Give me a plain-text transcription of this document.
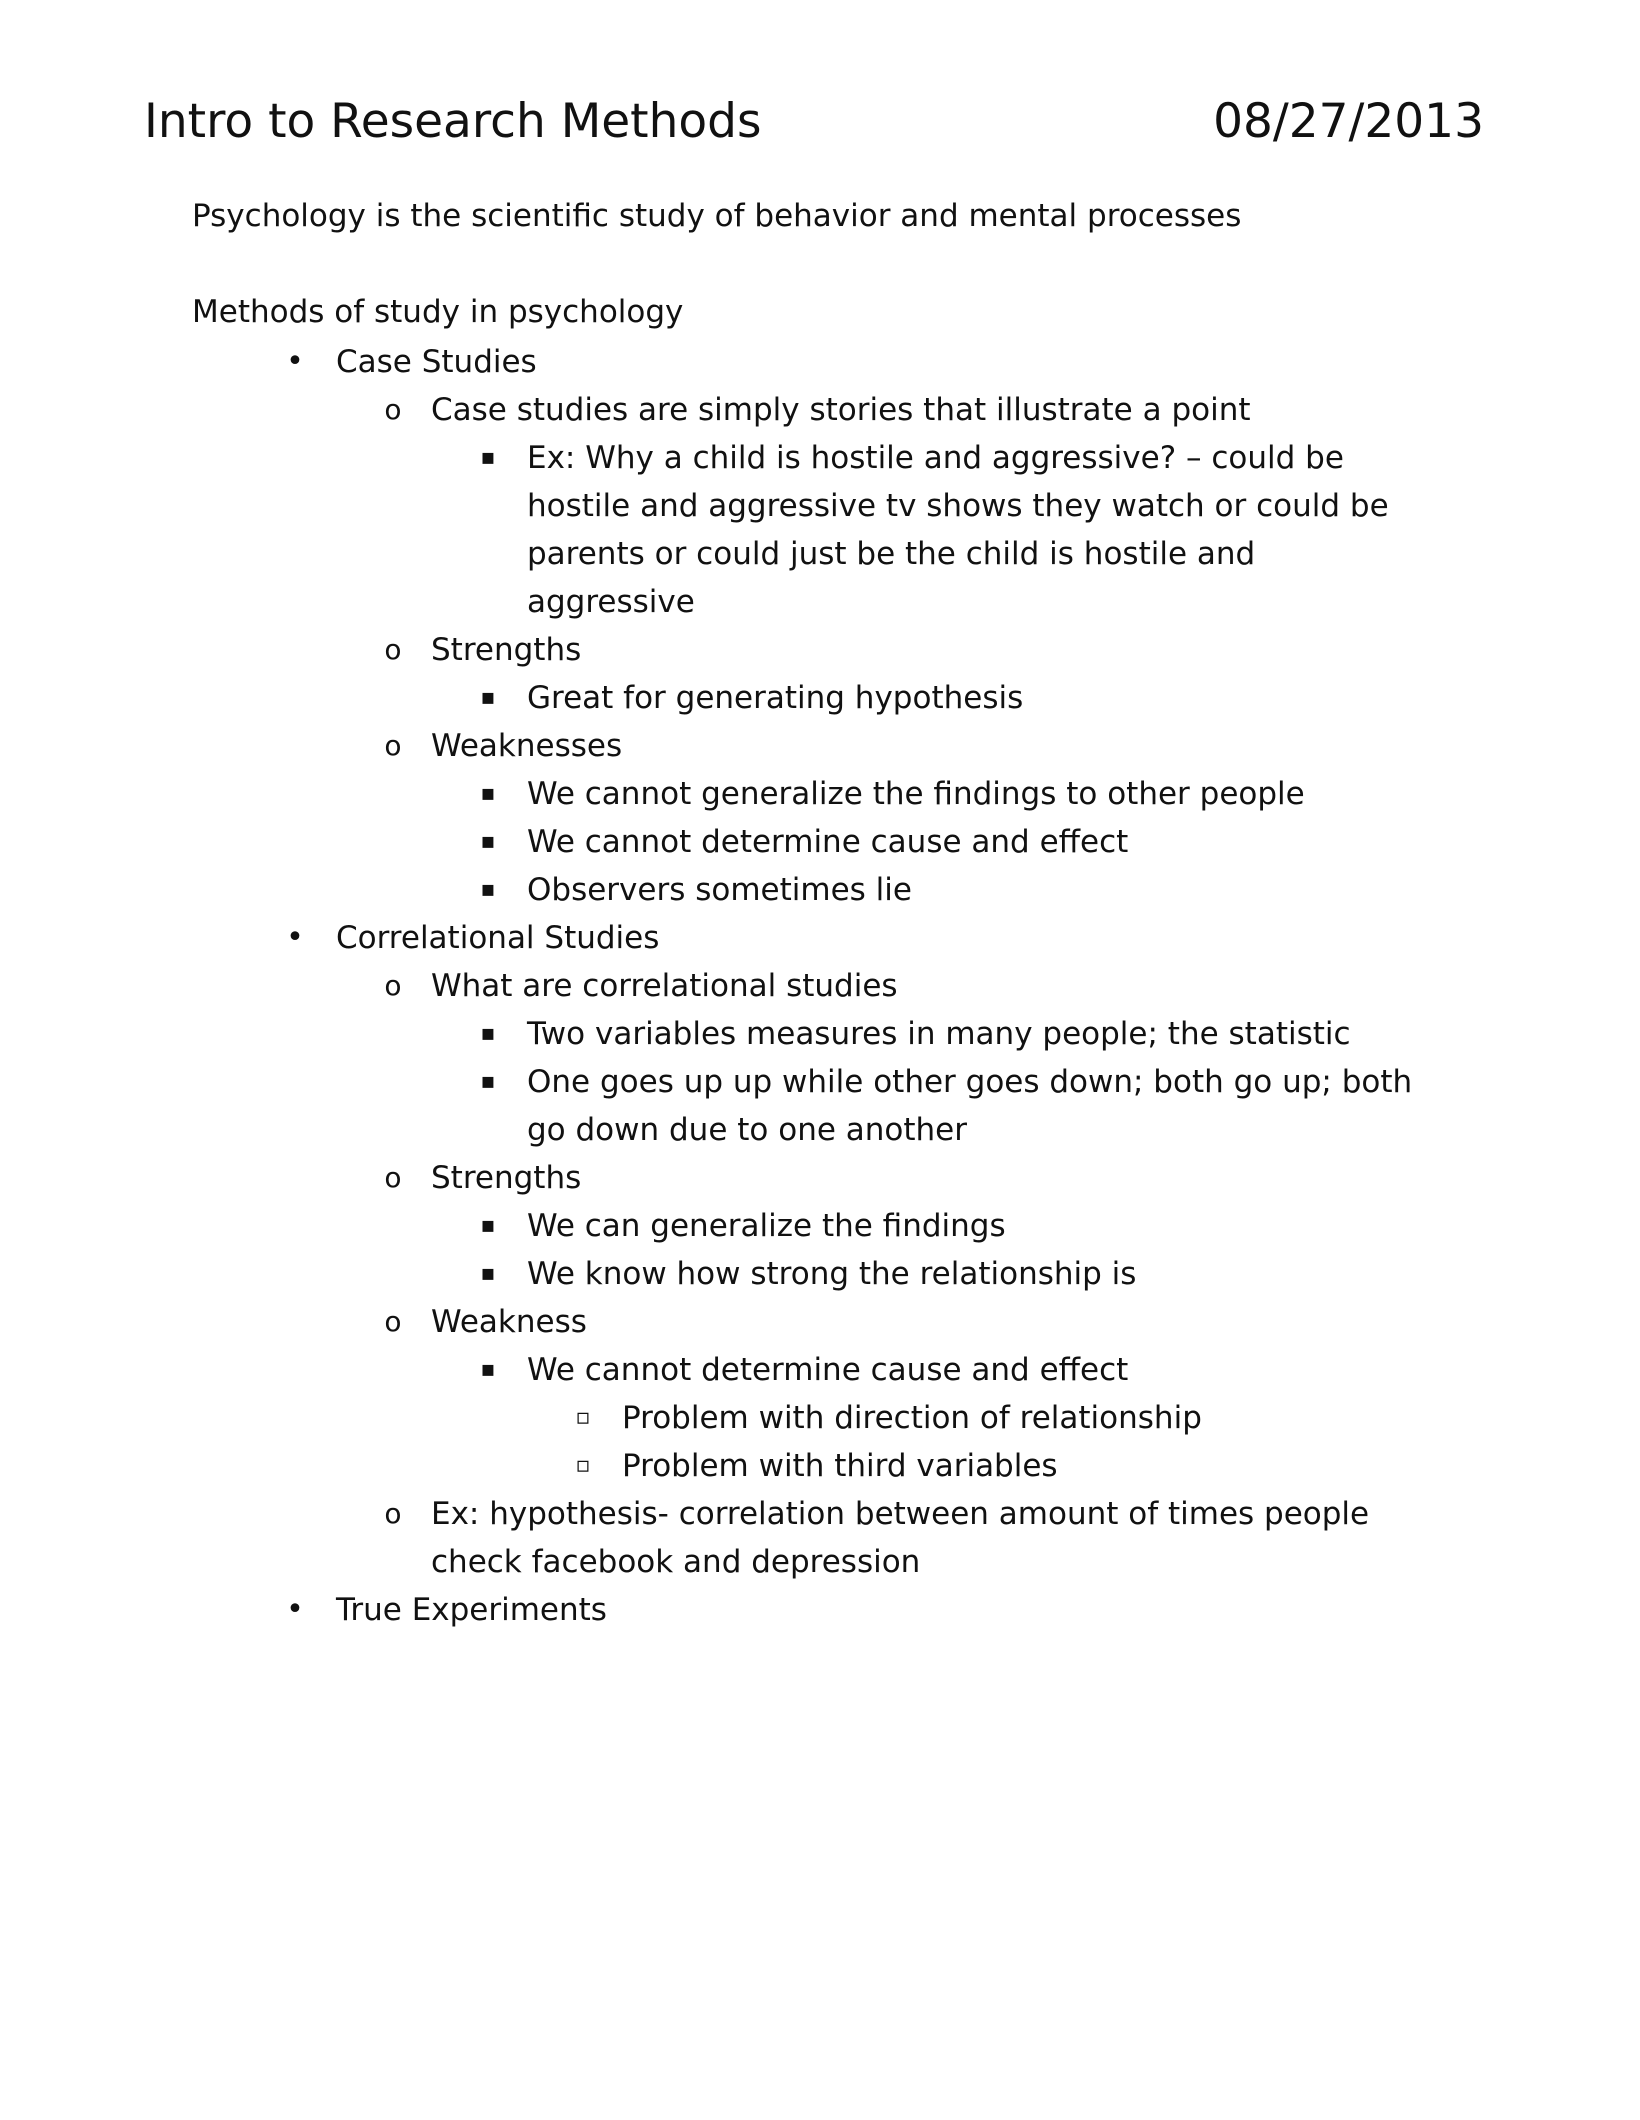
Intro to Research Methods	08/27/2013
Psychology is the scientific study of behavior and mental processes
Methods of study in psychology
• Case Studies
o Case studies are simply stories that illustrate a point
▪ Ex: Why a child is hostile and aggressive? – could be hostile and aggressive tv shows they watch or could be parents or could just be the child is hostile and aggressive
o Strengths
▪ Great for generating hypothesis
o Weaknesses
▪ We cannot generalize the findings to other people
▪ We cannot determine cause and effect
▪ Observers sometimes lie
• Correlational Studies
o What are correlational studies
▪ Two variables measures in many people; the statistic
▪ One goes up up while other goes down; both go up; both go down due to one another
o Strengths
▪ We can generalize the findings
▪ We know how strong the relationship is
o Weakness
▪ We cannot determine cause and effect
▫ Problem with direction of relationship
▫ Problem with third variables
o Ex: hypothesis- correlation between amount of times people check facebook and depression
• True Experiments
